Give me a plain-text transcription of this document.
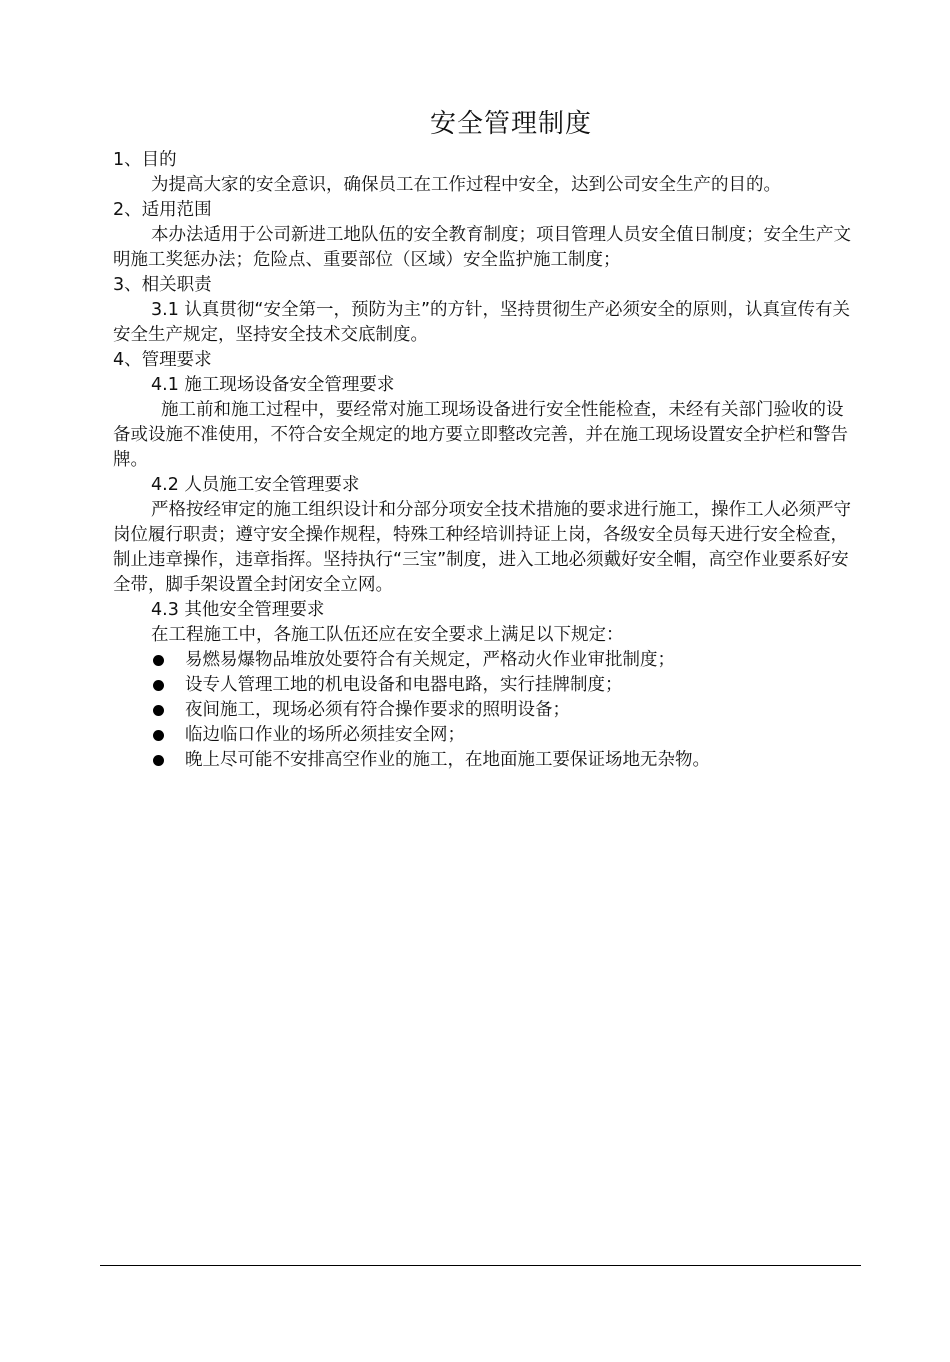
安全管理制度

1、目的

为提高大家的安全意识，确保员工在工作过程中安全，达到公司安全生产的目的。

2、适用范围

本办法适用于公司新进工地队伍的安全教育制度；项目管理人员安全值日制度；安全生产文明施工奖惩办法；危险点、重要部位（区域）安全监护施工制度；

3、相关职责

3.1 认真贯彻“安全第一，预防为主”的方针，坚持贯彻生产必须安全的原则，认真宣传有关安全生产规定，坚持安全技术交底制度。

4、管理要求

4.1 施工现场设备安全管理要求

施工前和施工过程中，要经常对施工现场设备进行安全性能检查，未经有关部门验收的设备或设施不准使用，不符合安全规定的地方要立即整改完善，并在施工现场设置安全护栏和警告牌。

4.2 人员施工安全管理要求

严格按经审定的施工组织设计和分部分项安全技术措施的要求进行施工，操作工人必须严守岗位履行职责；遵守安全操作规程，特殊工种经培训持证上岗，各级安全员每天进行安全检查，制止违章操作，违章指挥。坚持执行“三宝”制度，进入工地必须戴好安全帽，高空作业要系好安全带，脚手架设置全封闭安全立网。

4.3 其他安全管理要求

在工程施工中，各施工队伍还应在安全要求上满足以下规定：

易燃易爆物品堆放处要符合有关规定，严格动火作业审批制度；
设专人管理工地的机电设备和电器电路，实行挂牌制度；
夜间施工，现场必须有符合操作要求的照明设备；
临边临口作业的场所必须挂安全网；
晚上尽可能不安排高空作业的施工，在地面施工要保证场地无杂物。
